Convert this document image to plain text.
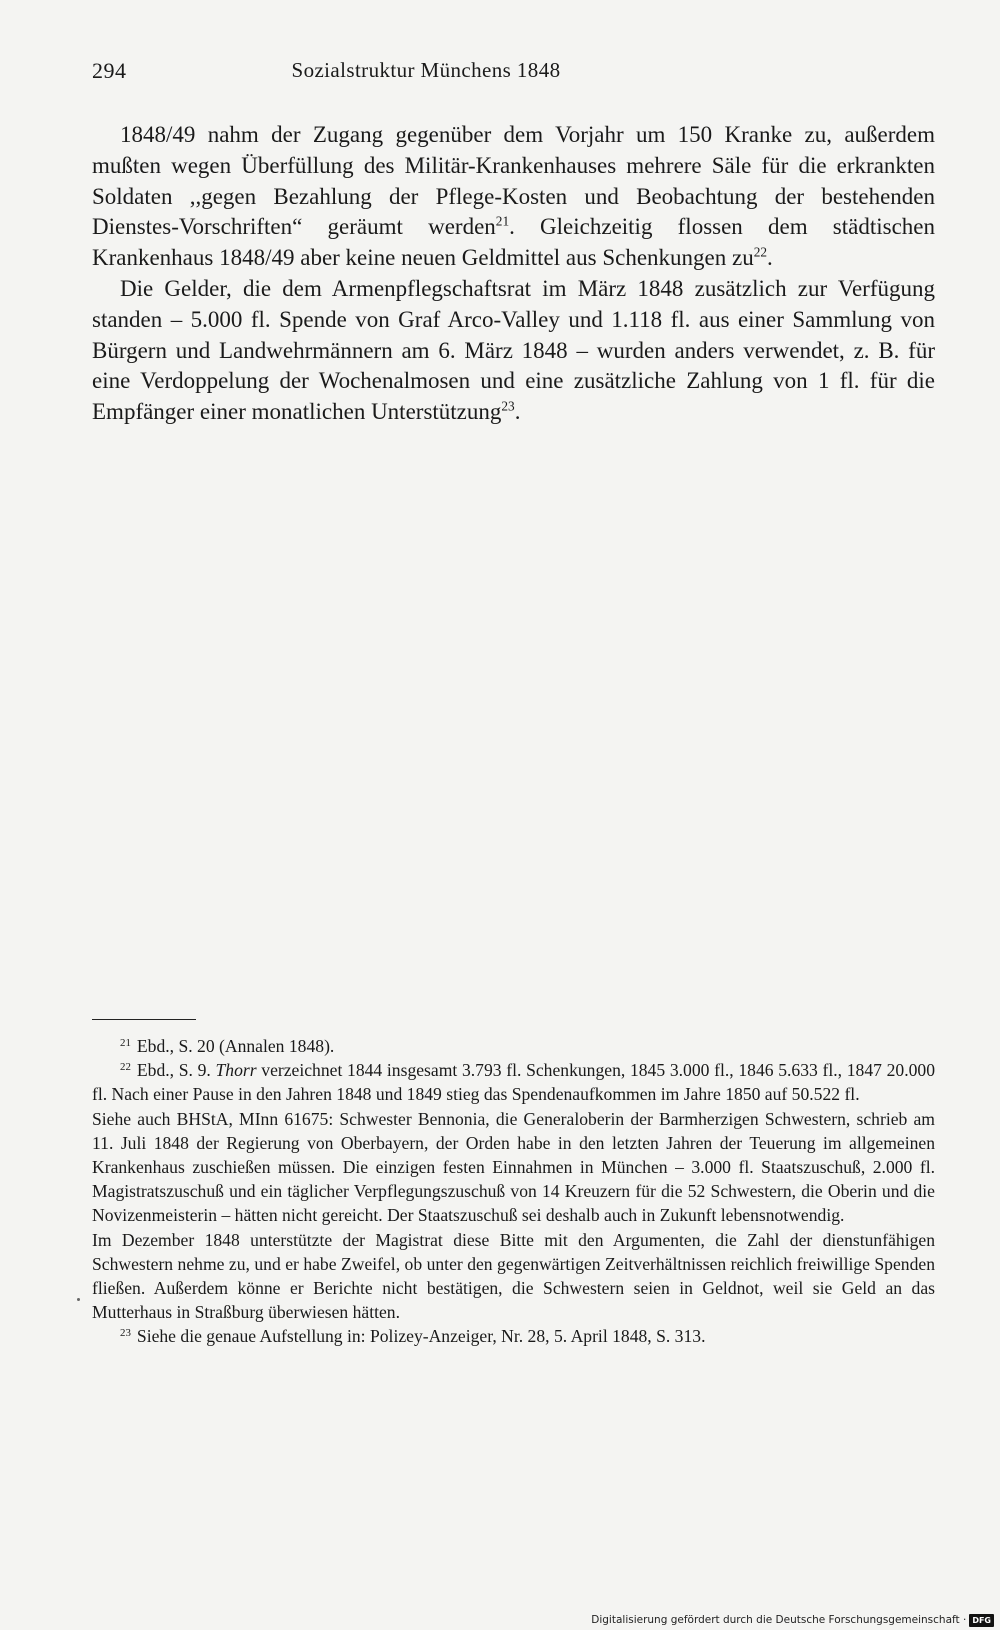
294	Sozialstruktur Münchens 1848

1848/49 nahm der Zugang gegenüber dem Vorjahr um 150 Kranke zu, außerdem mußten wegen Überfüllung des Militär-Krankenhauses mehrere Säle für die erkrankten Soldaten ,,gegen Bezahlung der Pflege-Kosten und Beobachtung der bestehenden Dienstes-Vorschriften“ geräumt werden$^{21}$. Gleichzeitig flossen dem städtischen Krankenhaus 1848/49 aber keine neuen Geldmittel aus Schenkungen $zu^{22}$.

Die Gelder, die dem Armenpflegschaftsrat im März 1848 zusätzlich zur Verfügung standen – 5.000 fl. Spende von Graf Arco-Valley und 1.118 fl. aus einer Sammlung von Bürgern und Landwehrmännern am 6. März 1848 – wurden anders verwendet, z. B. für eine Verdoppelung der Wochenalmosen und eine zusätzliche Zahlung von 1 fl. für die Empfänger einer monatlichen Unterstützung$^{23}$.

$^{21}$ Ebd., S. 20 (Annalen 1848).

$^{22}$ Ebd., S. 9. Thorr verzeichnet 1844 insgesamt 3.793 fl. Schenkungen, 1845 3.000 fl., 1846 5.633 fl., 1847 20.000 fl. Nach einer Pause in den Jahren 1848 und 1849 stieg das Spendenaufkommen im Jahre 1850 auf 50.522 fl.

Siehe auch BHStA, MInn 61675: Schwester Bennonia, die Generaloberin der Barmherzigen Schwestern, schrieb am 11. Juli 1848 der Regierung von Oberbayern, der Orden habe in den letzten Jahren der Teuerung im allgemeinen Krankenhaus zuschießen müssen. Die einzigen festen Einnahmen in München – 3.000 fl. Staatszuschuß, 2.000 fl. Magistratszuschuß und ein täglicher Verpflegungszuschuß von 14 Kreuzern für die 52 Schwestern, die Oberin und die Novizenmeisterin – hätten nicht gereicht. Der Staatszuschuß sei deshalb auch in Zukunft lebensnotwendig.

Im Dezember 1848 unterstützte der Magistrat diese Bitte mit den Argumenten, die Zahl der dienstunfähigen Schwestern nehme zu, und er habe Zweifel, ob unter den gegenwärtigen Zeitverhältnissen reichlich freiwillige Spenden fließen. Außerdem könne er Berichte nicht bestätigen, die Schwestern seien in Geldnot, weil sie Geld an das Mutterhaus in Straßburg überwiesen hätten.

$^{23}$ Siehe die genaue Aufstellung in: Polizey-Anzeiger, Nr. 28, 5. April 1848, S. 313.

Digitalisierung gefördert durch die Deutsche Forschungsgemeinschaft · DFG
